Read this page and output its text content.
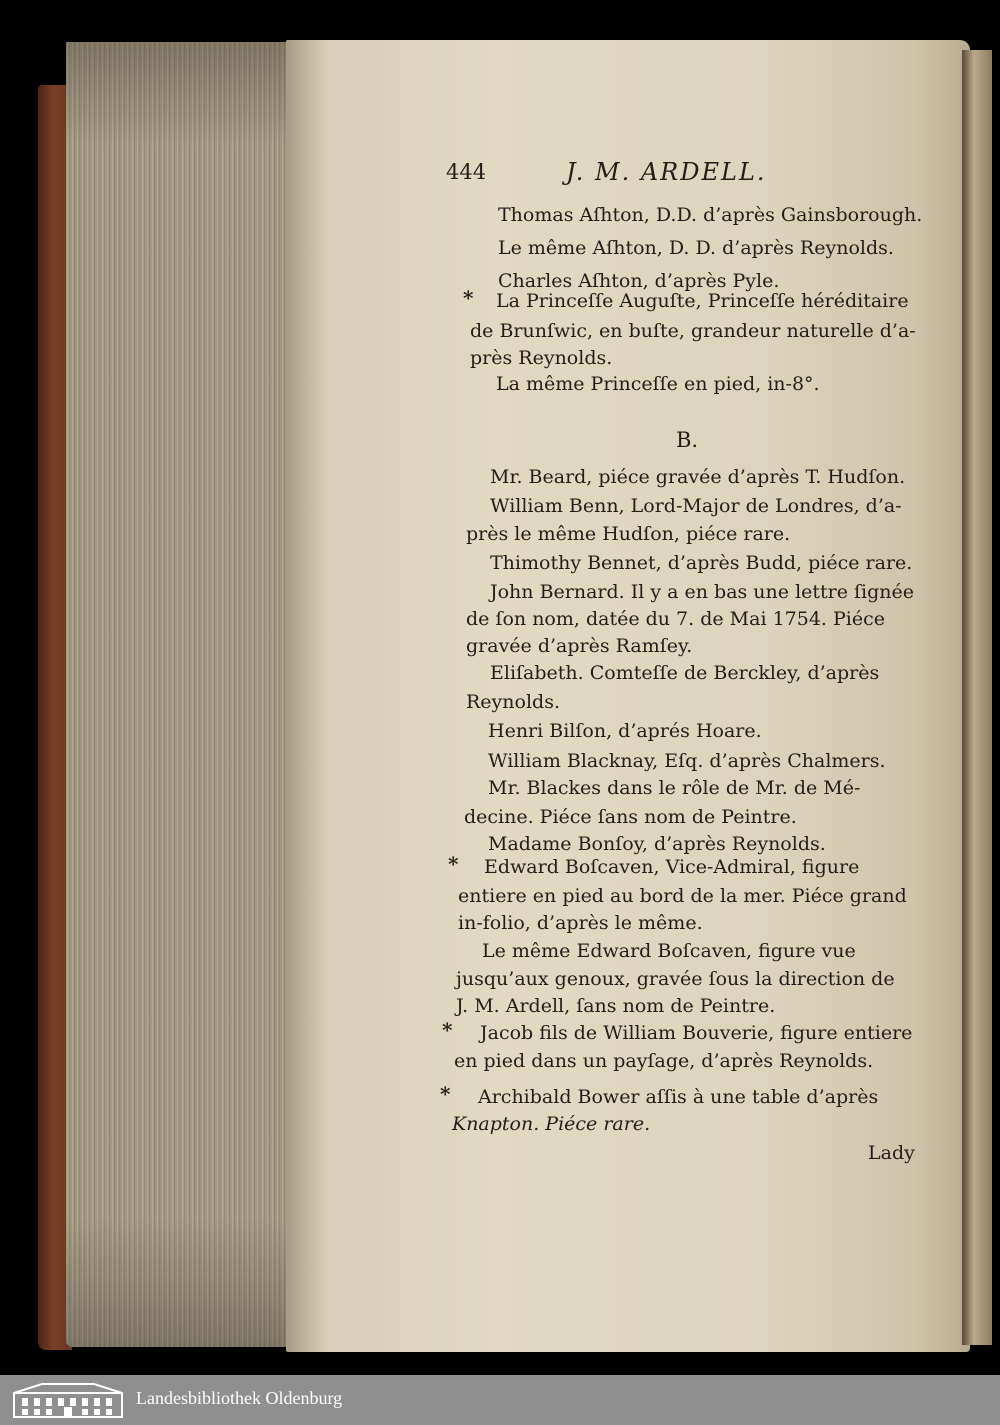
444	J. M. ARDELL.
Thomas Aſhton, D.D. d’après Gainsborough.
Le même Aſhton, D. D. d’après Reynolds.
Charles Aſhton, d’après Pyle.
* La Princeſſe Auguſte, Princeſſe héréditaire
de Brunſwic, en buſte, grandeur naturelle d’a-
près Reynolds.
La même Princeſſe en pied, in-8°.
B.
Mr. Beard, piéce gravée d’après T. Hudſon.
William Benn, Lord-Major de Londres, d’a-
près le même Hudſon, piéce rare.
Thimothy Bennet, d’après Budd, piéce rare.
John Bernard. Il y a en bas une lettre ſignée
de ſon nom, datée du 7. de Mai 1754. Piéce
gravée d’après Ramſey.
Eliſabeth. Comteſſe de Berckley, d’après
Reynolds.
Henri Bilſon, d’aprés Hoare.
William Blacknay, Eſq. d’après Chalmers.
Mr. Blackes dans le rôle de Mr. de Mé-
decine. Piéce ſans nom de Peintre.
Madame Bonſoy, d’après Reynolds.
* Edward Boſcaven, Vice-Admiral, figure
entiere en pied au bord de la mer. Piéce grand
in-folio, d’après le même.
Le même Edward Boſcaven, figure vue
jusqu’aux genoux, gravée ſous la direction de
J. M. Ardell, ſans nom de Peintre.
* Jacob fils de William Bouverie, figure entiere
en pied dans un payſage, d’après Reynolds.
* Archibald Bower aſſis à une table d’après
Knapton. Piéce rare.
Lady
Landesbibliothek Oldenburg
